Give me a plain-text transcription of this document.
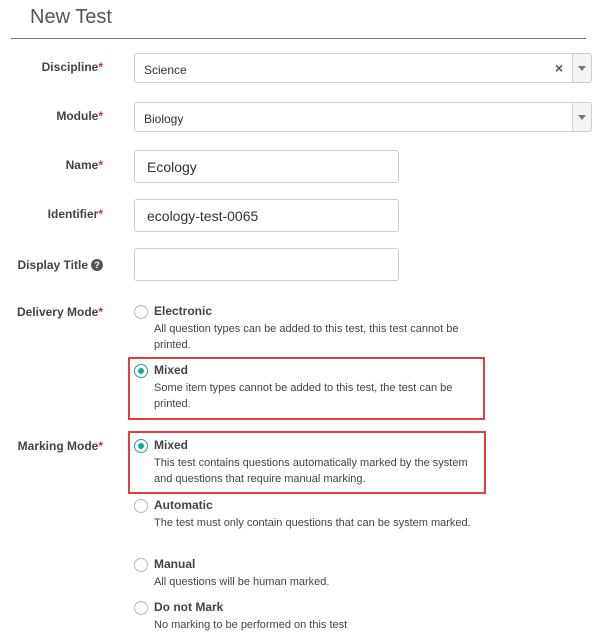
New Test
Discipline*	Science	×
Module*	Biology
Name*	Ecology
Identifier*	ecology-test-0065
Display Title ?
Delivery Mode*	Electronic
All question types can be added to this test, this test cannot be printed.
Mixed
Some item types cannot be added to this test, the test can be printed.
Marking Mode*	Mixed
This test contains questions automatically marked by the system and questions that require manual marking.
Automatic
The test must only contain questions that can be system marked.
Manual
All questions will be human marked.
Do not Mark
No marking to be performed on this test
